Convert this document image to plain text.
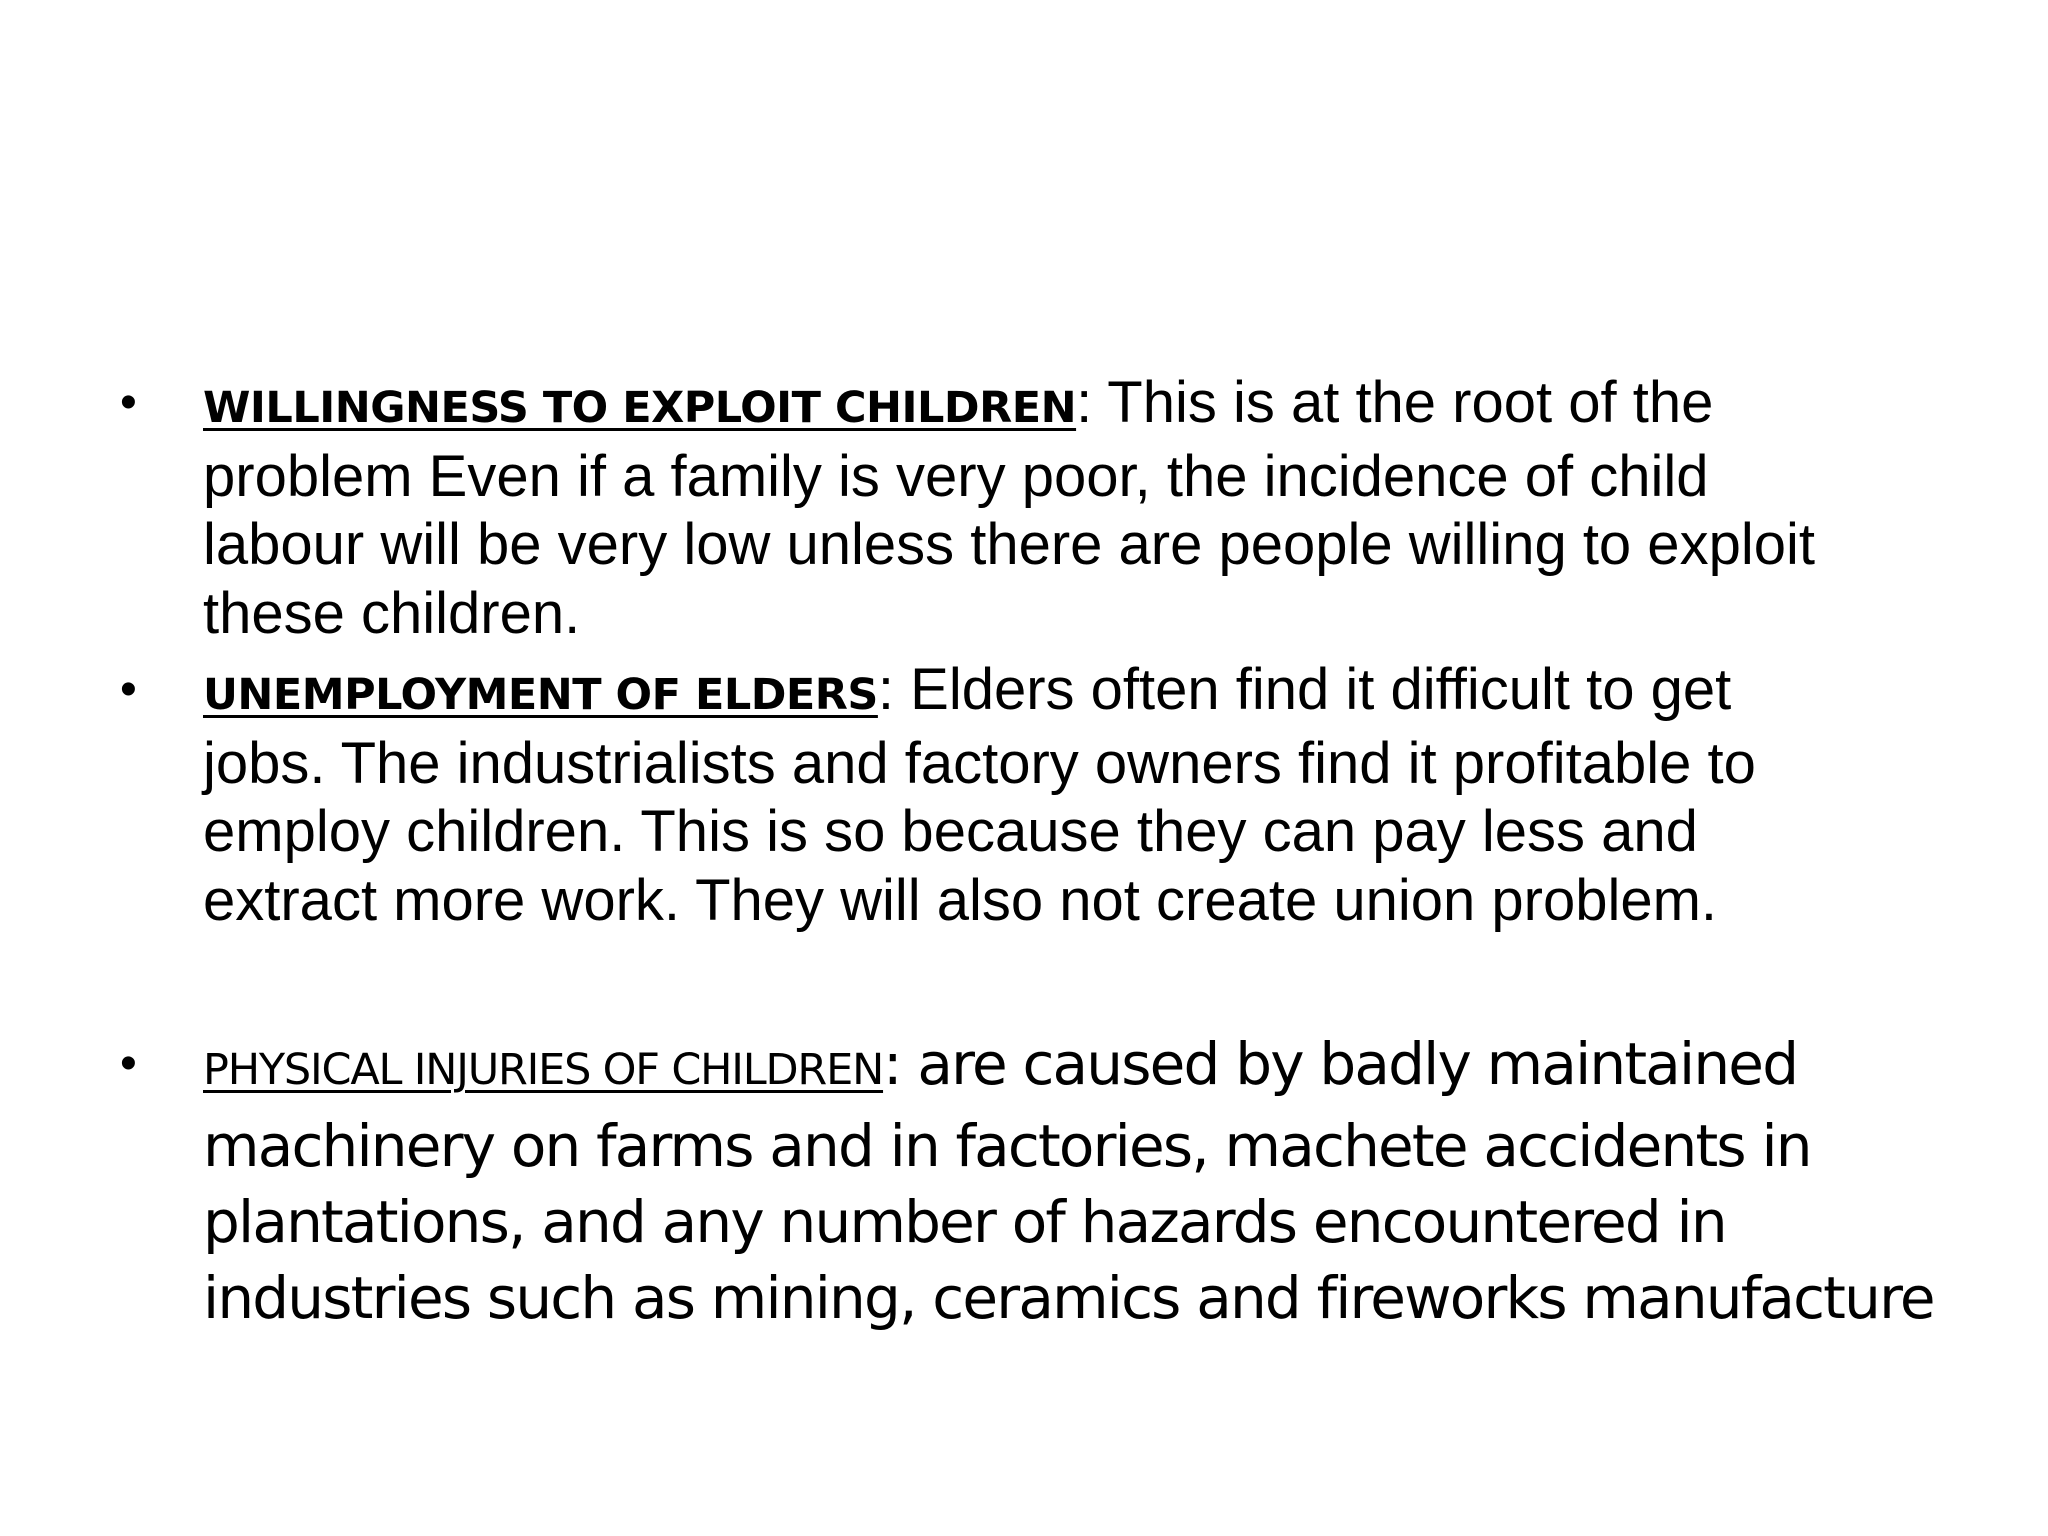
• WILLINGNESS TO EXPLOIT CHILDREN: This is at the root of the
problem Even if a family is very poor, the incidence of child
labour will be very low unless there are people willing to exploit
these children.
• UNEMPLOYMENT OF ELDERS: Elders often find it difficult to get
jobs. The industrialists and factory owners find it profitable to
employ children. This is so because they can pay less and
extract more work. They will also not create union problem.
• PHYSICAL INJURIES OF CHILDREN: are caused by badly maintained
machinery on farms and in factories, machete accidents in
plantations, and any number of hazards encountered in
industries such as mining, ceramics and fireworks manufacture
